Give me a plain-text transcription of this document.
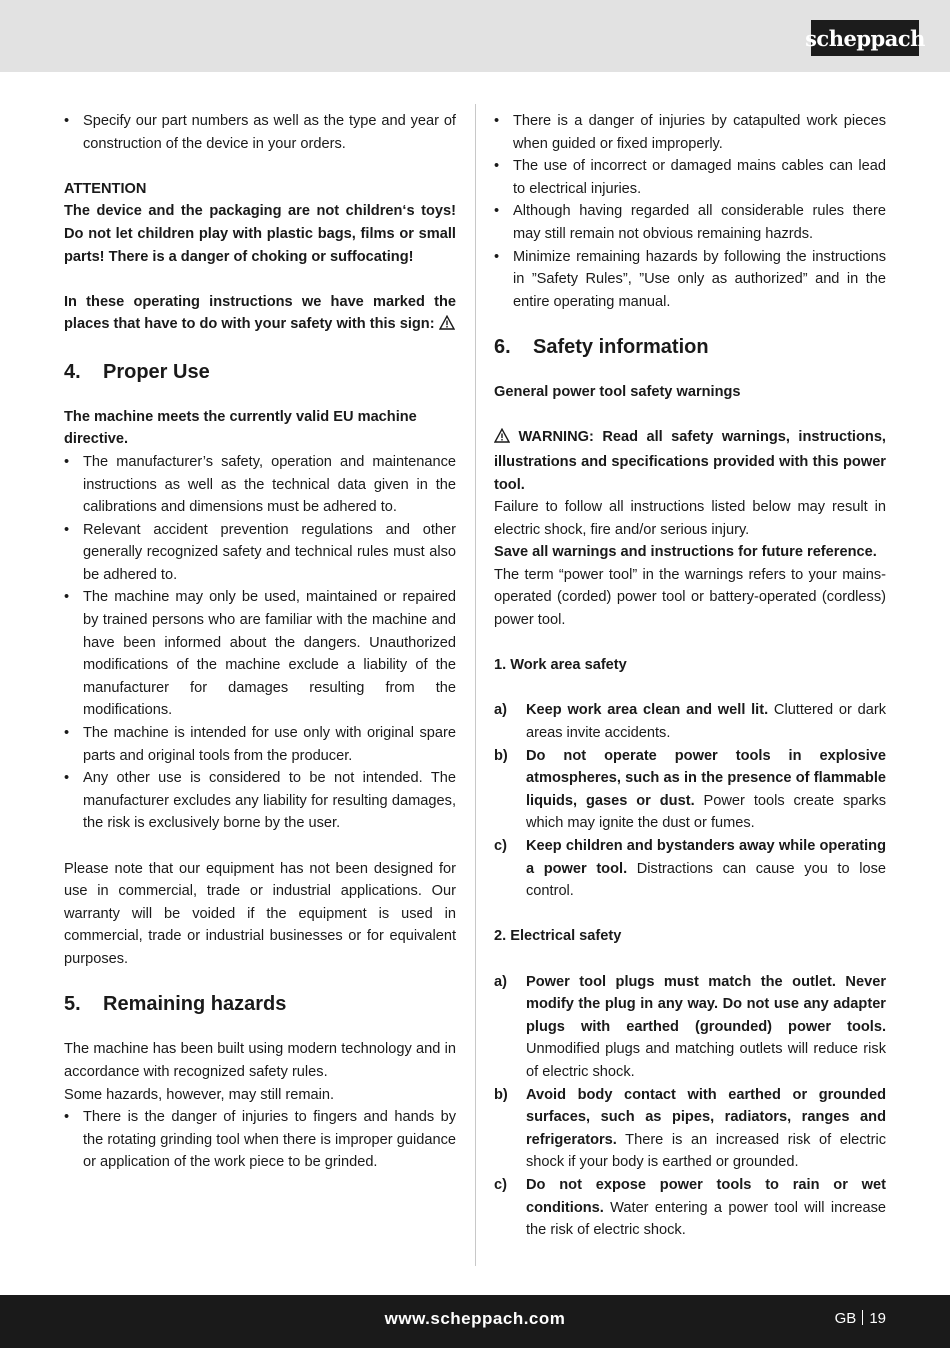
scheppach
• Specify our part numbers as well as the type and year of construction of the device in your orders.

ATTENTION

The device and the packaging are not children‘s toys! Do not let children play with plastic bags, films or small parts! There is a danger of choking or suffocating!

In these operating instructions we have marked the places that have to do with your safety with this sign:

4.	Proper Use

The machine meets the currently valid EU machine directive.

• The manufacturer’s safety, operation and maintenance instructions as well as the technical data given in the calibrations and dimensions must be adhered to.
• Relevant accident prevention regulations and other generally recognized safety and technical rules must also be adhered to.
• The machine may only be used, maintained or repaired by trained persons who are familiar with the machine and have been informed about the dangers. Unauthorized modifications of the machine exclude a liability of the manufacturer for damages resulting from the modifications.
• The machine is intended for use only with original spare parts and original tools from the producer.
• Any other use is considered to be not intended. The manufacturer excludes any liability for resulting damages, the risk is exclusively borne by the user.

Please note that our equipment has not been designed for use in commercial, trade or industrial applications. Our warranty will be voided if the equipment is used in commercial, trade or industrial businesses or for equivalent purposes.

5.	Remaining hazards

The machine has been built using modern technology and in accordance with recognized safety rules.

Some hazards, however, may still remain.

• There is the danger of injuries to fingers and hands by the rotating grinding tool when there is improper guidance or application of the work piece to be grinded.
• There is a danger of injuries by catapulted work pieces when guided or fixed improperly.
• The use of incorrect or damaged mains cables can lead to electrical injuries.
• Although having regarded all considerable rules there may still remain not obvious remaining hazrds.
• Minimize remaining hazards by following the instructions in ”Safety Rules”, ”Use only as authorized” and in the entire operating manual.
6.	Safety information

General power tool safety warnings

WARNING: Read all safety warnings, instructions, illustrations and specifications provided with this power tool.

Failure to follow all instructions listed below may result in electric shock, fire and/or serious injury.

Save all warnings and instructions for future reference.

The term “power tool” in the warnings refers to your mains-operated (corded) power tool or battery-operated (cordless) power tool.

1. Work area safety

a)	Keep work area clean and well lit. Cluttered or dark areas invite accidents.
b)	Do not operate power tools in explosive atmospheres, such as in the presence of flammable liquids, gases or dust. Power tools create sparks which may ignite the dust or fumes.
c)	Keep children and bystanders away while operating a power tool. Distractions can cause you to lose control.

2. Electrical safety

a)	Power tool plugs must match the outlet. Never modify the plug in any way. Do not use any adapter plugs with earthed (grounded) power tools. Unmodified plugs and matching outlets will reduce risk of electric shock.
b)	Avoid body contact with earthed or grounded surfaces, such as pipes, radiators, ranges and refrigerators. There is an increased risk of electric shock if your body is earthed or grounded.
c)	Do not expose power tools to rain or wet conditions. Water entering a power tool will increase the risk of electric shock.
www.scheppach.com	GB 19
